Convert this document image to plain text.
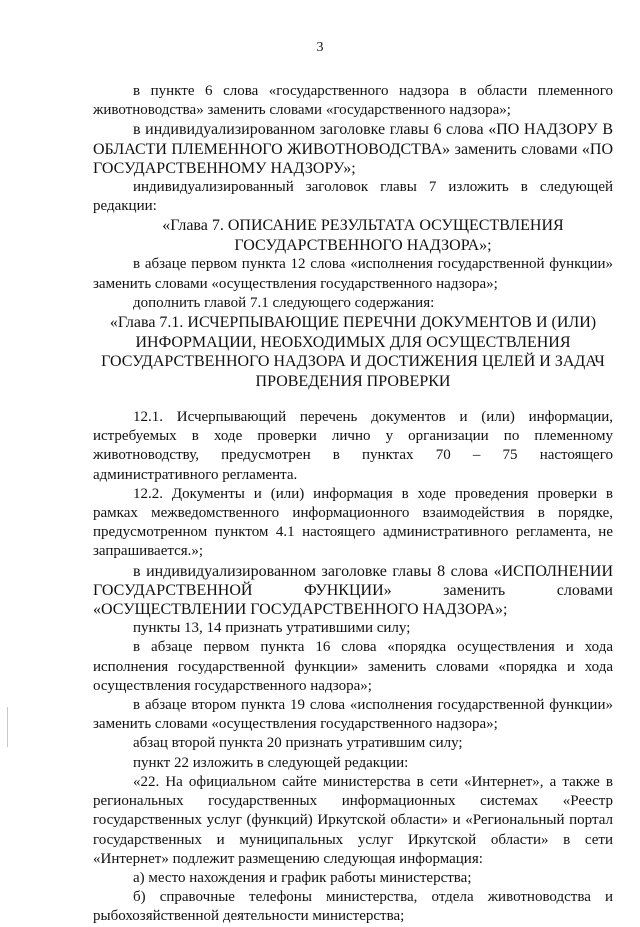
3

в пункте 6 слова «государственного надзора в области племенного животноводства» заменить словами «государственного надзора»;

в индивидуализированном заголовке главы 6 слова «ПО НАДЗОРУ В ОБЛАСТИ ПЛЕМЕННОГО ЖИВОТНОВОДСТВА» заменить словами «ПО ГОСУДАРСТВЕННОМУ НАДЗОРУ»;

индивидуализированный заголовок главы 7 изложить в следующей редакции:

«Глава 7. ОПИСАНИЕ РЕЗУЛЬТАТА ОСУЩЕСТВЛЕНИЯ ГОСУДАРСТВЕННОГО НАДЗОРА»;

в абзаце первом пункта 12 слова «исполнения государственной функции» заменить словами «осуществления государственного надзора»;

дополнить главой 7.1 следующего содержания:

«Глава 7.1. ИСЧЕРПЫВАЮЩИЕ ПЕРЕЧНИ ДОКУМЕНТОВ И (ИЛИ) ИНФОРМАЦИИ, НЕОБХОДИМЫХ ДЛЯ ОСУЩЕСТВЛЕНИЯ ГОСУДАРСТВЕННОГО НАДЗОРА И ДОСТИЖЕНИЯ ЦЕЛЕЙ И ЗАДАЧ ПРОВЕДЕНИЯ ПРОВЕРКИ

12.1. Исчерпывающий перечень документов и (или) информации, истребуемых в ходе проверки лично у организации по племенному животноводству, предусмотрен в пунктах 70 – 75 настоящего административного регламента.

12.2. Документы и (или) информация в ходе проведения проверки в рамках межведомственного информационного взаимодействия в порядке, предусмотренном пунктом 4.1 настоящего административного регламента, не запрашивается.»;

в индивидуализированном заголовке главы 8 слова «ИСПОЛНЕНИИ ГОСУДАРСТВЕННОЙ ФУНКЦИИ» заменить словами «ОСУЩЕСТВЛЕНИИ ГОСУДАРСТВЕННОГО НАДЗОРА»;

пункты 13, 14 признать утратившими силу;

в абзаце первом пункта 16 слова «порядка осуществления и хода исполнения государственной функции» заменить словами «порядка и хода осуществления государственного надзора»;

в абзаце втором пункта 19 слова «исполнения государственной функции» заменить словами «осуществления государственного надзора»;

абзац второй пункта 20 признать утратившим силу;

пункт 22 изложить в следующей редакции:

«22. На официальном сайте министерства в сети «Интернет», а также в региональных государственных информационных системах «Реестр государственных услуг (функций) Иркутской области» и «Региональный портал государственных и муниципальных услуг Иркутской области» в сети «Интернет» подлежит размещению следующая информация:

а) место нахождения и график работы министерства;

б) справочные телефоны министерства, отдела животноводства и рыбохозяйственной деятельности министерства;
